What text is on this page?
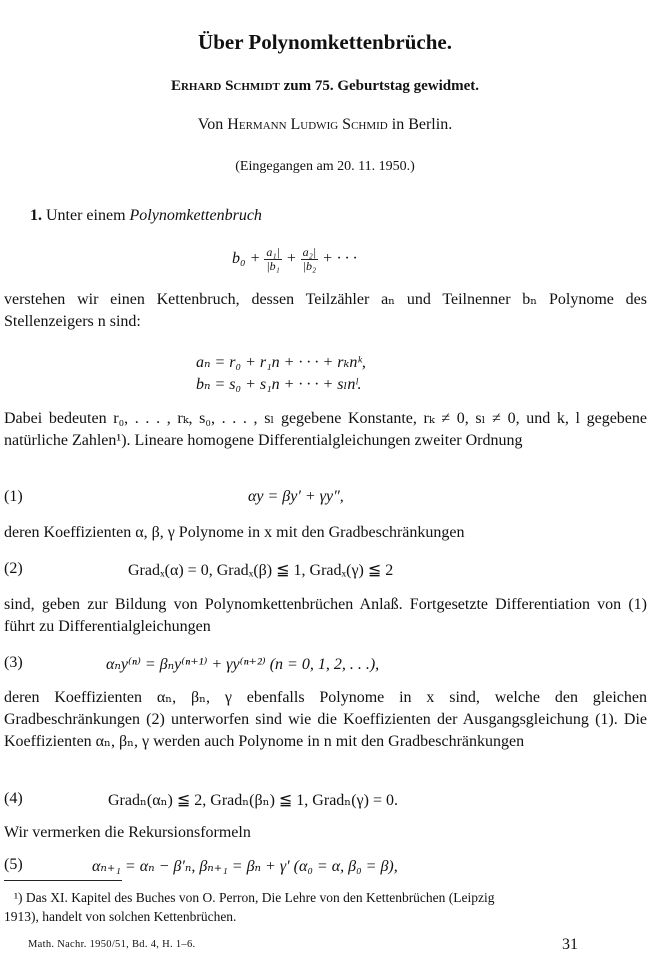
Über Polynomkettenbrüche.
Erhard Schmidt zum 75. Geburtstag gewidmet.
Von Hermann Ludwig Schmid in Berlin.
(Eingegangen am 20. 11. 1950.)
1. Unter einem Polynomkettenbruch
$b_0 + \frac{\text{a₁|}}{\text{|b₁}} + \frac{\text{a₂|}}{\text{|b₂}}$ + · · ·
verstehen wir einen Kettenbruch, dessen Teilzähler aₙ und Teilnenner bₙ Polynome des Stellenzeigers n sind:
aₙ = r₀ + r₁n + · · · + rₖnᵏ,
bₙ = s₀ + s₁n + · · · + sₗnˡ.
Dabei bedeuten r₀, . . . , rₖ, s₀, . . . , sₗ gegebene Konstante, rₖ ≠ 0, sₗ ≠ 0, und k, l gegebene natürliche Zahlen¹). Lineare homogene Differentialgleichungen zweiter Ordnung
(1)	αy = βy′ + γy″,
deren Koeffizienten α, β, γ Polynome in x mit den Gradbeschränkungen
(2)	Gradₓ(α) = 0, Gradₓ(β) ≦ 1, Gradₓ(γ) ≦ 2
sind, geben zur Bildung von Polynomkettenbrüchen Anlaß. Fortgesetzte Differentiation von (1) führt zu Differentialgleichungen
(3)	αₙy⁽ⁿ⁾ = βₙy⁽ⁿ⁺¹⁾ + γy⁽ⁿ⁺²⁾ (n = 0, 1, 2, . . .),
deren Koeffizienten αₙ, βₙ, γ ebenfalls Polynome in x sind, welche den gleichen Gradbeschränkungen (2) unterworfen sind wie die Koeffizienten der Ausgangsgleichung (1). Die Koeffizienten αₙ, βₙ, γ werden auch Polynome in n mit den Gradbeschränkungen
(4)	Gradₙ(αₙ) ≦ 2, Gradₙ(βₙ) ≦ 1, Gradₙ(γ) = 0.
Wir vermerken die Rekursionsformeln
(5)	αₙ₊₁ = αₙ − β′ₙ, βₙ₊₁ = βₙ + γ′ (α₀ = α, β₀ = β),
¹) Das XI. Kapitel des Buches von O. Perron, Die Lehre von den Kettenbrüchen (Leipzig
1913), handelt von solchen Kettenbrüchen.
Math. Nachr. 1950/51, Bd. 4, H. 1–6.	31
